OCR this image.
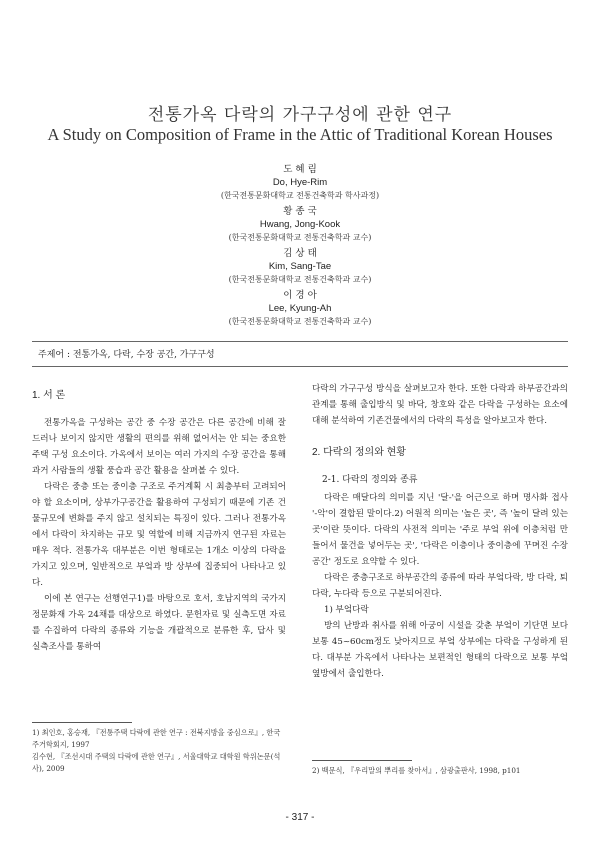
전통가옥 다락의 가구구성에 관한 연구
A Study on Composition of Frame in the Attic of Traditional Korean Houses
도 혜 림
Do, Hye-Rim
(한국전통문화대학교 전통건축학과 학사과정)
황 종 국
Hwang, Jong-Kook
(한국전통문화대학교 전통건축학과 교수)
김 상 태
Kim, Sang-Tae
(한국전통문화대학교 전통건축학과 교수)
이 경 아
Lee, Kyung-Ah
(한국전통문화대학교 전통건축학과 교수)
주제어 : 전통가옥, 다락, 수장 공간, 가구구성
1. 서 론

전통가옥을 구성하는 공간 중 수장 공간은 다른 공간에 비해 잘 드러나 보이지 않지만 생활의 편의를 위해 없어서는 안 되는 중요한 주택 구성 요소이다. 가옥에서 보이는 여러 가지의 수장 공간을 통해 과거 사람들의 생활 풍습과 공간 활용을 살펴볼 수 있다.

다락은 중층 또는 중이층 구조로 주거계획 시 최층부터 고려되어야 할 요소이며, 상부가구공간을 활용하여 구성되기 때문에 기존 건물규모에 변화를 주지 않고 설치되는 특징이 있다. 그러나 전통가옥에서 다락이 차지하는 규모 및 역할에 비해 지금까지 연구된 자료는 매우 적다. 전통가옥 대부분은 이번 형태로는 1개소 이상의 다락을 가지고 있으며, 일반적으로 부엌과 방 상부에 집중되어 나타나고 있다.

이에 본 연구는 선행연구1)를 바탕으로 호서, 호남지역의 국가지정문화재 가옥 24채를 대상으로 하였다. 문헌자료 및 실측도면 자료를 수집하여 다락의 종류와 기능을 개괄적으로 분류한 후, 답사 및 실측조사를 통하여

다락의 가구구성 방식을 살펴보고자 한다. 또한 다락과 하부공간과의 관계를 통해 출입방식 및 바닥, 창호와 같은 다락을 구성하는 요소에 대해 분석하여 기존건물에서의 다락의 특성을 알아보고자 한다.

2. 다락의 정의와 현황
2-1. 다락의 정의와 종류

다락은 매달다의 의미를 지닌 '달-'을 어근으로 하며 명사화 접사 '-악'이 결합된 말이다.2) 어원적 의미는 '높은 곳', 즉 '높이 달려 있는 곳'이란 뜻이다. 다락의 사전적 의미는 '주로 부엌 위에 이층처럼 만들어서 물건을 넣어두는 곳', '다락은 이층이나 중이층에 꾸며진 수장 공간' 정도로 요약할 수 있다.

다락은 중층구조로 하부공간의 종류에 따라 부엌다락, 방 다락, 퇴다락, 누다락 등으로 구분되어진다.

1) 부엌다락

방의 난방과 취사를 위해 아궁이 시설을 갖춘 부엌이 기단면 보다 보통 45~60cm정도 낮아지므로 부엌 상부에는 다락을 구성하게 된다. 대부분 가옥에서 나타나는 보편적인 형태의 다락으로 보통 부엌 옆방에서 출입한다.

1) 최인호, 홍승재, 『전통주택 다락에 관한 연구 : 전북지방을 중심으로』, 한국주거학회지, 1997
김수현, 『조선시대 주택의 다락에 관한 연구』, 서울대학교 대학원 학위논문(석사), 2009	2) 백문식, 『우리말의 뿌리를 찾아서』, 삼광출판사, 1998, p101
- 317 -
